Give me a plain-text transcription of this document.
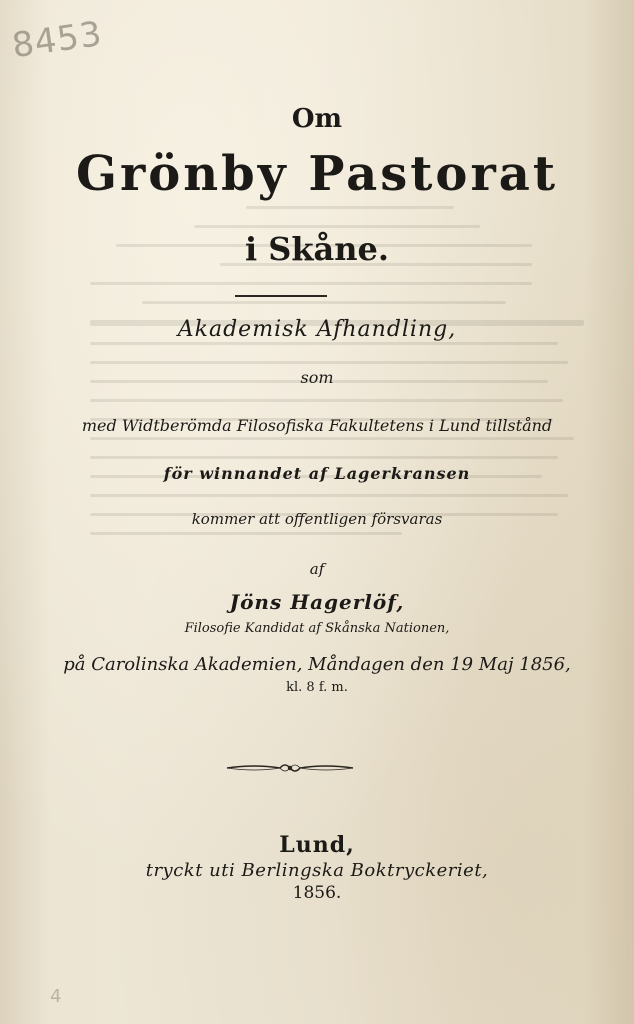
8453
Om
Grönby Pastorat
i Skåne.
Akademisk Afhandling,
som
med Widtberömda Filosofiska Fakultetens i Lund tillstånd
för winnandet af Lagerkransen
kommer att offentligen försvaras
af
Jöns Hagerlöf,
Filosofie Kandidat af Skånska Nationen,
på Carolinska Akademien, Måndagen den 19 Maj 1856,
kl. 8 f. m.
Lund,
tryckt uti Berlingska Boktryckeriet,
1856.
4
